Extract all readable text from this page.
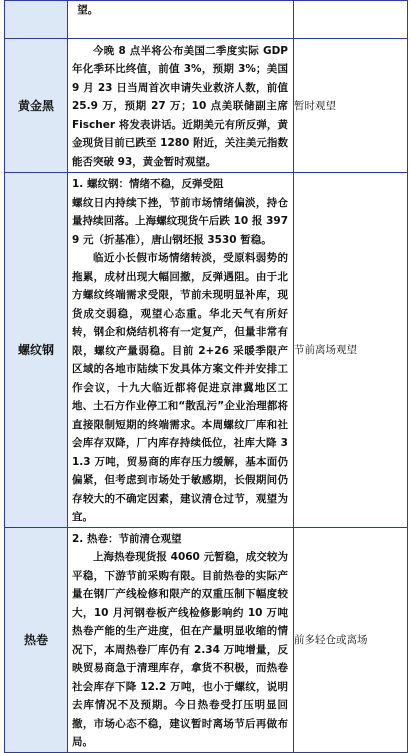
	望。	

黄金黑	今晚 8 点半将公布美国二季度实际 GDP 年化季环比终值，前值 3%，预期 3%；美国 9 月 23 日当周首次申请失业救济人数，前值 25.9 万，预期 27 万；10 点美联储副主席 Fischer 将发表讲话。近期美元有所反弹，黄金现货目前已跌至 1280 附近，关注美元指数能否突破 93，黄金暂时观望。	暂时观望
螺纹钢	1. 螺纹钢：情绪不稳，反弹受阻

螺纹日内持续下挫，节前市场情绪偏淡，持仓量持续回落。上海螺纹现货午后跌 10 报 3979 元（折基准），唐山钢坯报 3530 暂稳。

临近小长假市场情绪转淡，受原料弱势的拖累，成材出现大幅回撤，反弹遇阻。由于北方螺纹终端需求受限，节前未现明显补库，现货成交弱稳，观望心态重。华北天气有所好转，钢企和烧结机将有一定复产，但量非常有限，螺纹产量弱稳。目前 2+26 采暖季限产区域的各地市陆续下发具体方案文件并安排工作会议，十九大临近都将促进京津冀地区工地、土石方作业停工和“散乱污”企业治理都将直接限制短期的终端需求。本周螺纹厂库和社会库存双降，厂内库存持续低位，社库大降 31.3 万吨，贸易商的库存压力缓解，基本面仍偏紧，但考虑到市场处于敏感期，长假期间仍存较大的不确定因素，建议清仓过节，观望为宜。	节前离场观望
热卷	2. 热卷：节前清仓观望

上海热卷现货报 4060 元暂稳，成交较为平稳，下游节前采购有限。目前热卷的实际产量在钢厂产线检修和限产的双重压制下幅度较大，10 月河钢卷板产线检修影响约 10 万吨热卷产能的生产进度，但在产量明显收缩的情况下，本周热卷厂库仍有 2.34 万吨增量，反映贸易商急于清理库存，拿货不积极，而热卷社会库存下降 12.2 万吨，也小于螺纹，说明去库情况不及预期。今日热卷受打压明显回撤，市场心态不稳，建议暂时离场节后再做布局。	前多轻仓或离场
